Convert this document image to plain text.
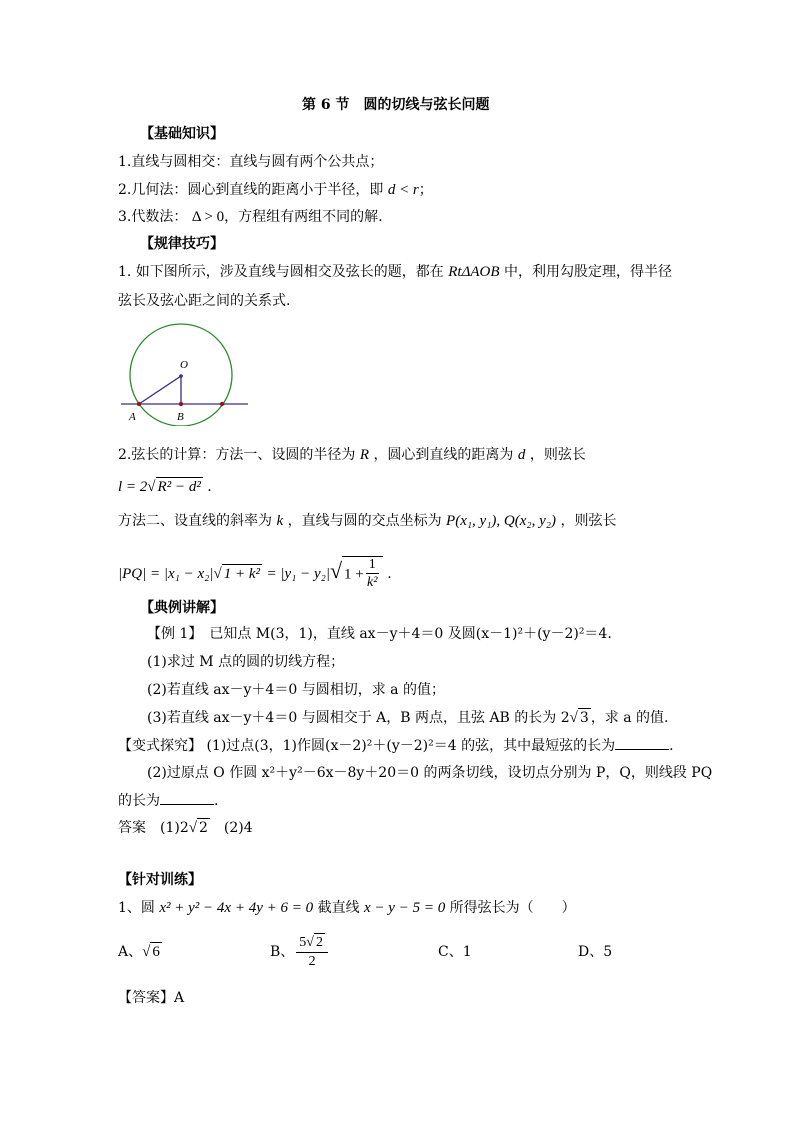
第 6 节　圆的切线与弦长问题
【基础知识】
1.直线与圆相交：直线与圆有两个公共点；
2.几何法：圆心到直线的距离小于半径，即 d < r；
3.代数法： Δ > 0，方程组有两组不同的解.
【规律技巧】
1. 如下图所示，涉及直线与圆相交及弦长的题，都在 RtΔAOB 中，利用勾股定理，得半径
弦长及弦心距之间的关系式.
O
A	B
2.弦长的计算：方法一、设圆的半径为 R ，圆心到直线的距离为 d ，则弦长
l = 2√ R² − d² .
方法二、设直线的斜率为 k ，直线与圆的交点坐标为 P(x₁, y₁), Q(x₂, y₂) ，则弦长
|PQ| = |x₁ − x₂|√ 1 + k² = |y₁ − y₂|√ $1 + \frac{1}{\text{k²}}$ .
【典例讲解】
【例 1】　已知点 M(3，1)，直线 ax－y＋4＝0 及圆(x－1)²＋(y－2)²＝4.
(1)求过 M 点的圆的切线方程；
(2)若直线 ax－y＋4＝0 与圆相切，求 a 的值；
(3)若直线 ax－y＋4＝0 与圆相交于 A，B 两点，且弦 AB 的长为 2√ 3 ，求 a 的值.
【变式探究】 (1)过点(3，1)作圆(x－2)²＋(y－2)²＝4 的弦，其中最短弦的长为	.
(2)过原点 O 作圆 x²＋y²－6x－8y＋20＝0 的两条切线，设切点分别为 P，Q，则线段 PQ
的长为	.
答案　(1)2√ 2　(2)4
【针对训练】
1、圆 x² + y² − 4x + 4y + 6 = 0 截直线 x − y − 5 = 0 所得弦长为（　　）
A、√ 6	B、 $\frac{5√ 2}{2}$	C、1	D、5
【答案】A
